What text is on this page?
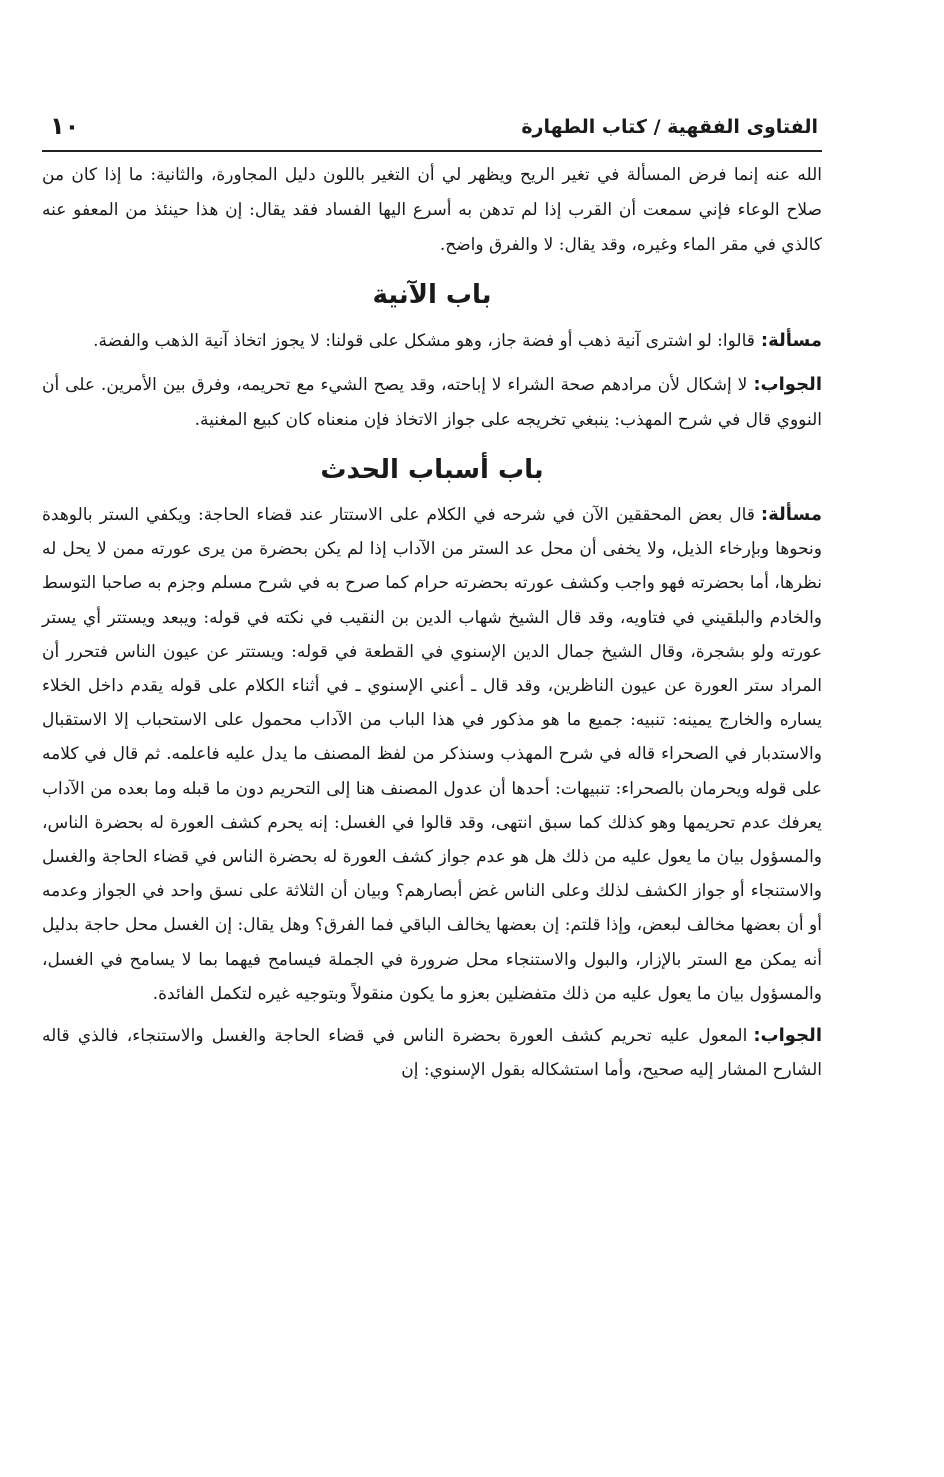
الفتاوى الفقهية / كتاب الطهارة
١٠

الله عنه إنما فرض المسألة في تغير الريح ويظهر لي أن التغير باللون دليل المجاورة، والثانية: ما إذا كان من صلاح الوعاء فإني سمعت أن القرب إذا لم تدهن به أسرع اليها الفساد فقد يقال: إن هذا حينئذ من المعفو عنه كالذي في مقر الماء وغيره، وقد يقال: لا والفرق واضح.

باب الآنية

مسألة:قالوا: لو اشترى آنية ذهب أو فضة جاز، وهو مشكل على قولنا: لا يجوز اتخاذ آنية الذهب والفضة.

الجواب:لا إشكال لأن مرادهم صحة الشراء لا إباحته، وقد يصح الشيء مع تحريمه، وفرق بين الأمرين. على أن النووي قال في شرح المهذب: ينبغي تخريجه على جواز الاتخاذ فإن منعناه كان كبيع المغنية.

باب أسباب الحدث

مسألة:قال بعض المحققين الآن في شرحه في الكلام على الاستتار عند قضاء الحاجة: ويكفي الستر بالوهدة ونحوها وبإرخاء الذيل، ولا يخفى أن محل عد الستر من الآداب إذا لم يكن بحضرة من يرى عورته ممن لا يحل له نظرها، أما بحضرته فهو واجب وكشف عورته بحضرته حرام كما صرح به في شرح مسلم وجزم به صاحبا التوسط والخادم والبلقيني في فتاويه، وقد قال الشيخ شهاب الدين بن النقيب في نكته في قوله: ويبعد ويستتر أي يستر عورته ولو بشجرة، وقال الشيخ جمال الدين الإسنوي في القطعة في قوله: ويستتر عن عيون الناس فتحرر أن المراد ستر العورة عن عيون الناظرين، وقد قال ـ أعني الإسنوي ـ في أثناء الكلام على قوله يقدم داخل الخلاء يساره والخارج يمينه: تنبيه: جميع ما هو مذكور في هذا الباب من الآداب محمول على الاستحباب إلا الاستقبال والاستدبار في الصحراء قاله في شرح المهذب وسنذكر من لفظ المصنف ما يدل عليه فاعلمه. ثم قال في كلامه على قوله ويحرمان بالصحراء: تنبيهات: أحدها أن عدول المصنف هنا إلى التحريم دون ما قبله وما بعده من الآداب يعرفك عدم تحريمها وهو كذلك كما سبق انتهى، وقد قالوا في الغسل: إنه يحرم كشف العورة له بحضرة الناس، والمسؤول بيان ما يعول عليه من ذلك هل هو عدم جواز كشف العورة له بحضرة الناس في قضاء الحاجة والغسل والاستنجاء أو جواز الكشف لذلك وعلى الناس غض أبصارهم؟ وبيان أن الثلاثة على نسق واحد في الجواز وعدمه أو أن بعضها مخالف لبعض، وإذا قلتم: إن بعضها يخالف الباقي فما الفرق؟ وهل يقال: إن الغسل محل حاجة بدليل أنه يمكن مع الستر بالإزار، والبول والاستنجاء محل ضرورة في الجملة فيسامح فيهما بما لا يسامح في الغسل، والمسؤول بيان ما يعول عليه من ذلك متفضلين بعزو ما يكون منقولاً وبتوجيه غيره لتكمل الفائدة.

الجواب:المعول عليه تحريم كشف العورة بحضرة الناس في قضاء الحاجة والغسل والاستنجاء، فالذي قاله الشارح المشار إليه صحيح، وأما استشكاله بقول الإسنوي: إن
